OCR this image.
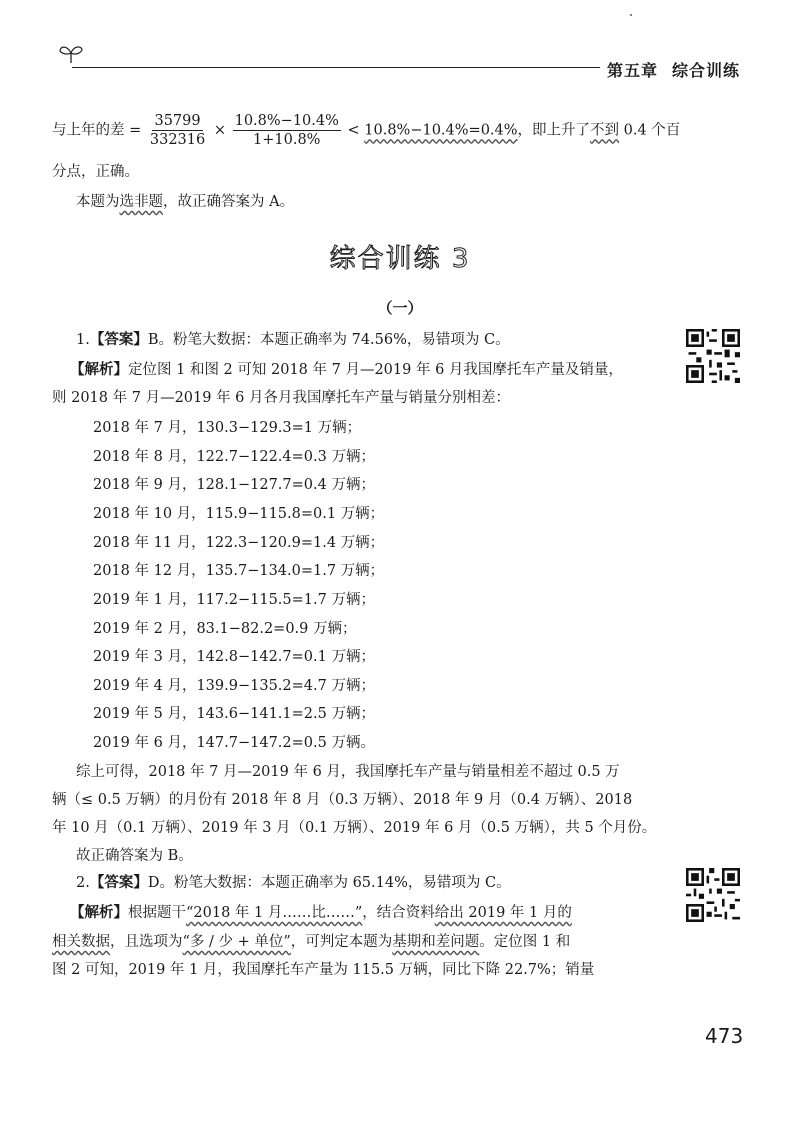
第五章 综合训练
与上年的差 = $\frac{35799}{332316} \times \frac{10.8\%-10.4\%}{1+10.8\%} < 10.8\%-10.4\%=0.4\%$，即上升了不到 0.4 个百
分点，正确。
本题为选非题，故正确答案为 A。
综合训练 3
（一）
1.【答案】B。粉笔大数据：本题正确率为 74.56%，易错项为 C。
【解析】定位图 1 和图 2 可知 2018 年 7 月—2019 年 6 月我国摩托车产量及销量，
则 2018 年 7 月—2019 年 6 月各月我国摩托车产量与销量分别相差：
2018 年 7 月，130.3−129.3=1 万辆；
2018 年 8 月，122.7−122.4=0.3 万辆；
2018 年 9 月，128.1−127.7=0.4 万辆；
2018 年 10 月，115.9−115.8=0.1 万辆；
2018 年 11 月，122.3−120.9=1.4 万辆；
2018 年 12 月，135.7−134.0=1.7 万辆；
2019 年 1 月，117.2−115.5=1.7 万辆；
2019 年 2 月，83.1−82.2=0.9 万辆；
2019 年 3 月，142.8−142.7=0.1 万辆；
2019 年 4 月，139.9−135.2=4.7 万辆；
2019 年 5 月，143.6−141.1=2.5 万辆；
2019 年 6 月，147.7−147.2=0.5 万辆。
综上可得，2018 年 7 月—2019 年 6 月，我国摩托车产量与销量相差不超过 0.5 万
辆（≤ 0.5 万辆）的月份有 2018 年 8 月（0.3 万辆）、2018 年 9 月（0.4 万辆）、2018
年 10 月（0.1 万辆）、2019 年 3 月（0.1 万辆）、2019 年 6 月（0.5 万辆），共 5 个月份。
故正确答案为 B。
2.【答案】D。粉笔大数据：本题正确率为 65.14%，易错项为 C。
【解析】根据题干“2018 年 1 月……比……”，结合资料给出 2019 年 1 月的
相关数据，且选项为“多 / 少 + 单位”，可判定本题为基期和差问题。定位图 1 和
图 2 可知，2019 年 1 月，我国摩托车产量为 115.5 万辆，同比下降 22.7%；销量
473
